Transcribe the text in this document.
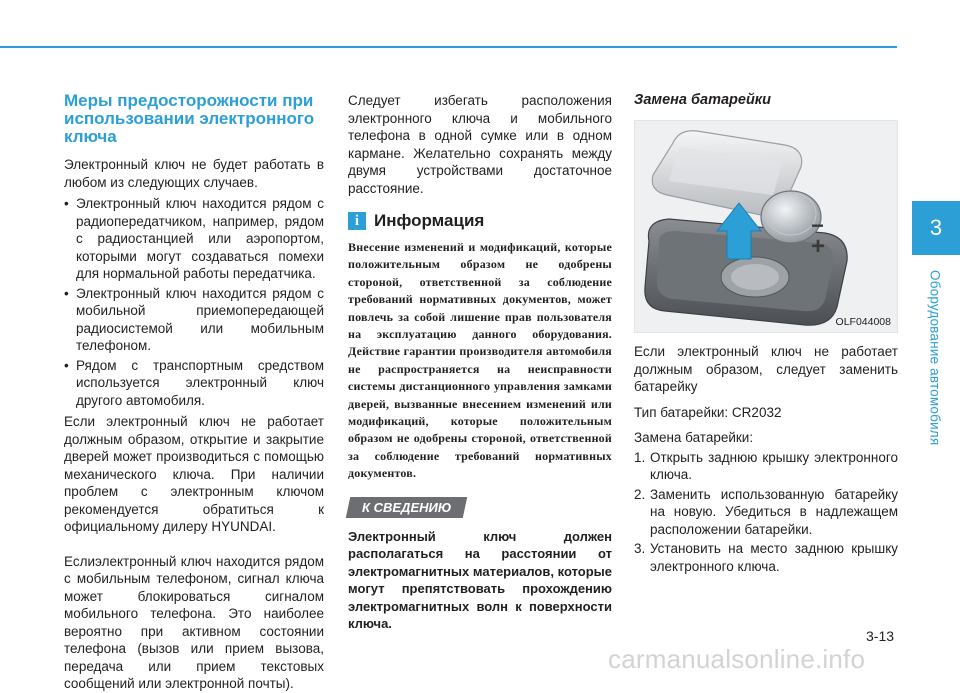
Меры предосторожности при использовании электронного ключа

Электронный ключ не будет работать в любом из следующих случаев.

• Электронный ключ находится рядом с радиопередатчиком, например, рядом с радиостанцией или аэропортом, которыми могут создаваться помехи для нормальной работы передатчика.
• Электронный ключ находится рядом с мобильной приемопередающей радиосистемой или мобильным телефоном.
• Рядом с транспортным средством используется электронный ключ другого автомобиля.

Если электронный ключ не работает должным образом, открытие и закрытие дверей может производиться с помощью механического ключа. При наличии проблем с электронным ключом рекомендуется обратиться к официальному дилеру HYUNDAI.

Еслиэлектронный ключ находится рядом с мобильным телефоном, сигнал ключа может блокироваться сигналом мобильного телефона. Это наиболее вероятно при активном состоянии телефона (вызов или прием вызова, передача или прием текстовых сообщений или электронной почты).

Следует избегать расположения электронного ключа и мобильного телефона в одной сумке или в одном кармане. Желательно сохранять между двумя устройствами достаточное расстояние.

i Информация
Внесение изменений и модификаций, которые положительным образом не одобрены стороной, ответственной за соблюдение требований нормативных документов, может повлечь за собой лишение прав пользователя на эксплуатацию данного оборудования. Действие гарантии производителя автомобиля не распространяется на неисправности системы дистанционного управления замками дверей, вызванные внесением изменений или модификаций, которые положительным образом не одобрены стороной, ответственной за соблюдение требований нормативных документов.
К СВЕДЕНИЮ
Электронный ключ должен располагаться на расстоянии от электромагнитных материалов, которые могут препятствовать прохождению электромагнитных волн к поверхности ключа.
Замена батарейки
−
+
OLF044008

Если электронный ключ не работает должным образом, следует заменить батарейку

Тип батарейки: CR2032

Замена батарейки:

1. Открыть заднюю крышку электронного ключа.
2. Заменить использованную батарейку на новую. Убедиться в надлежащем расположении батарейки.
3. Установить на место заднюю крышку электронного ключа.
3
Оборудование автомобиля
3-13
carmanualsonline.info
